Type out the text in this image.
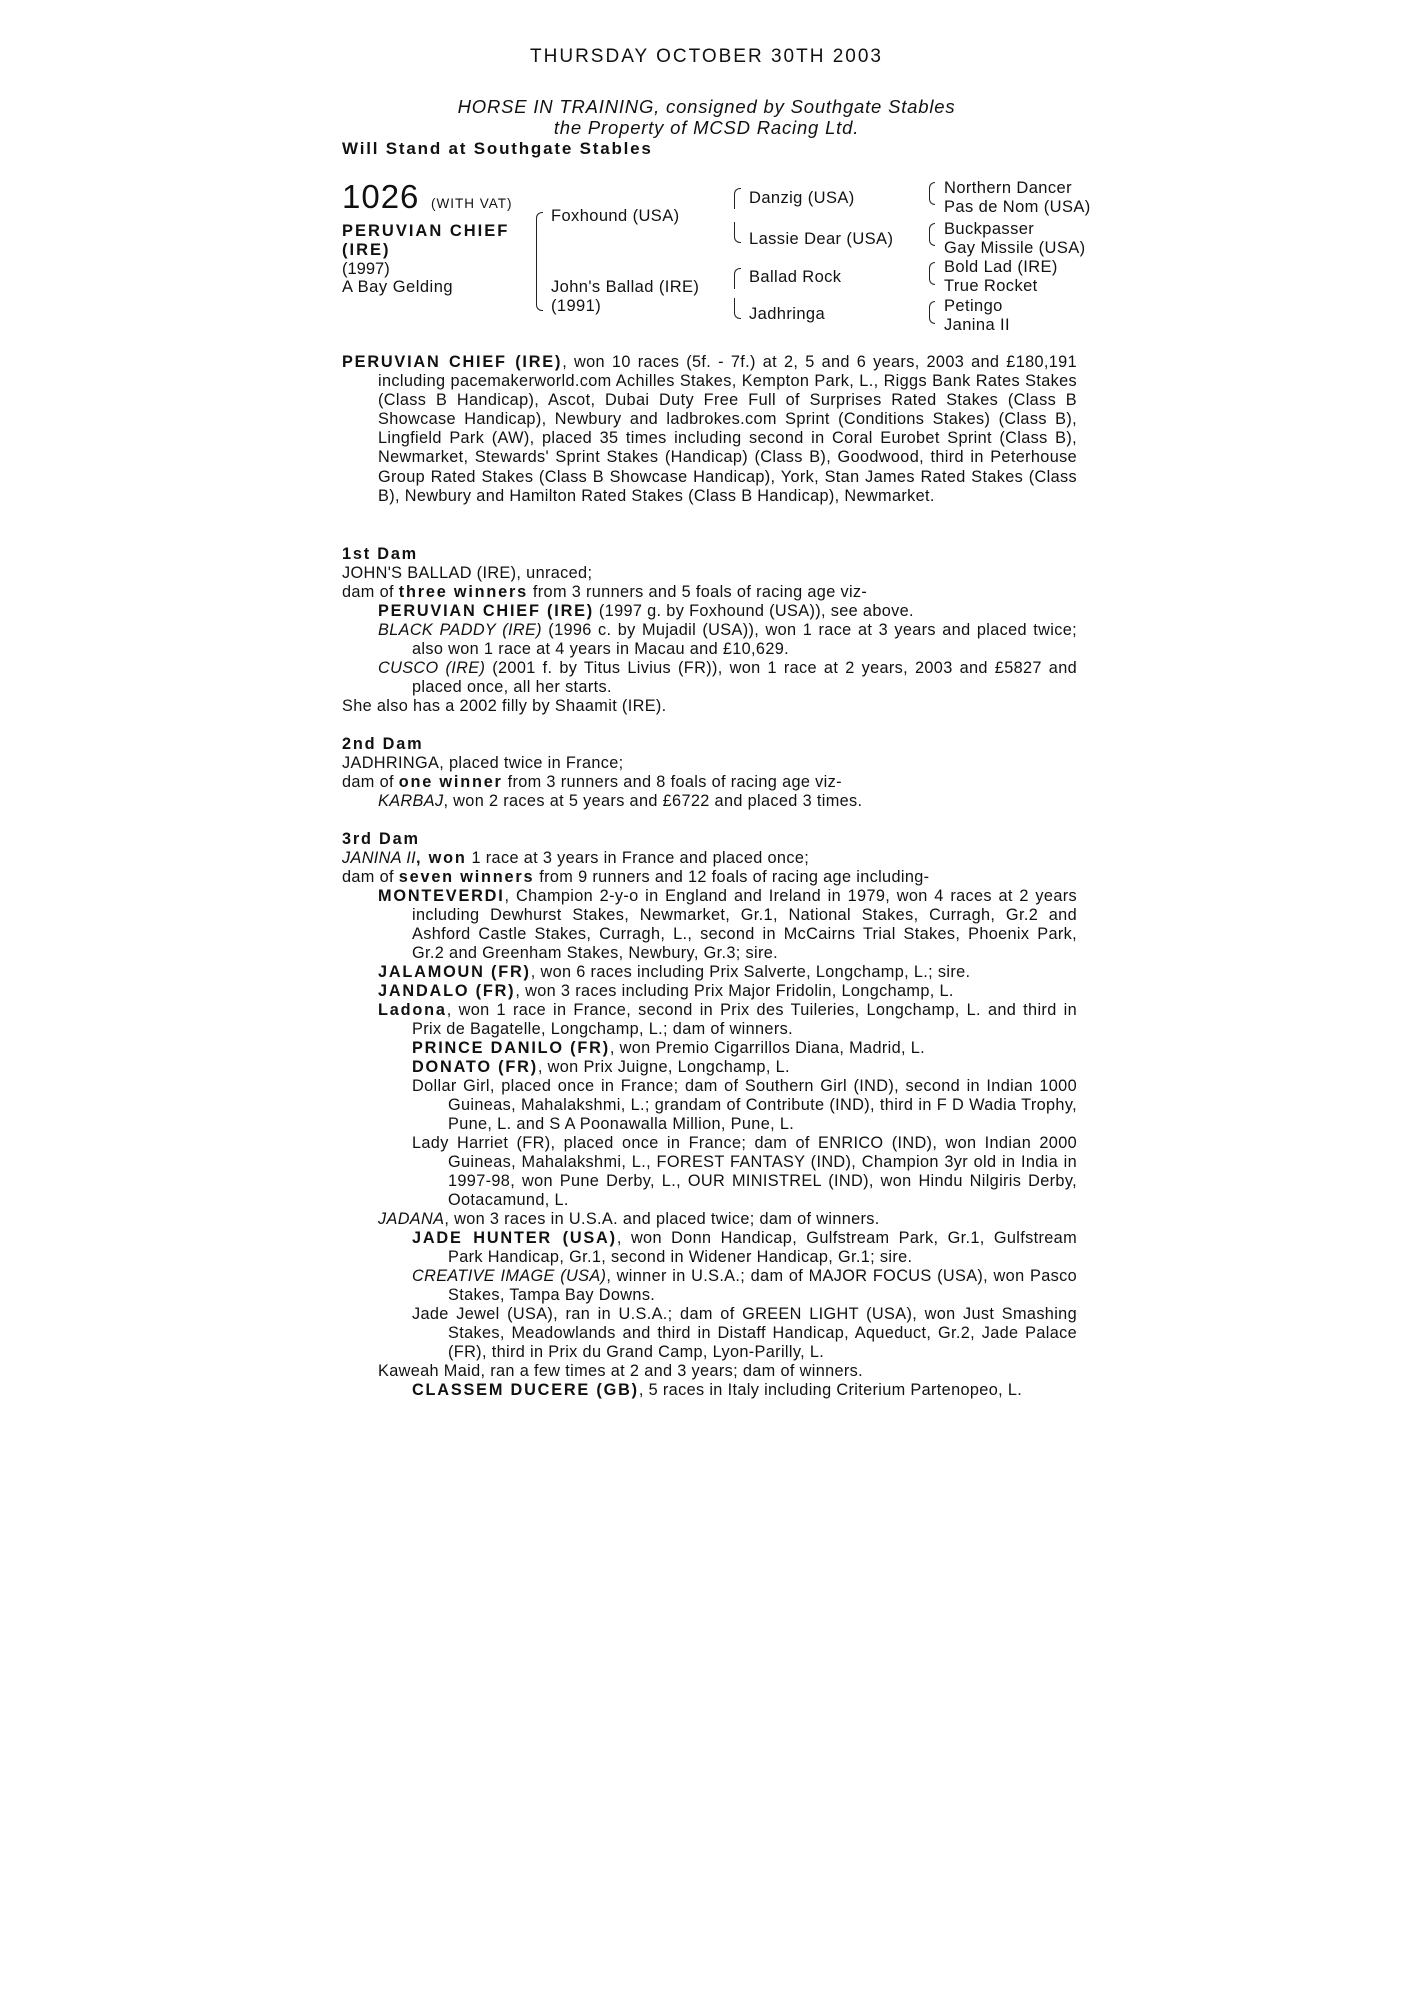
THURSDAY OCTOBER 30TH 2003
HORSE IN TRAINING, consigned by Southgate Stables
the Property of MCSD Racing Ltd.
Will Stand at Southgate Stables
1026 (WITH VAT)
PERUVIAN CHIEF (IRE)
(1997)
A Bay Gelding
Foxhound (USA)
John's Ballad (IRE)
(1991)
Danzig (USA)
Lassie Dear (USA)
Ballad Rock
Jadhringa
Northern Dancer
Pas de Nom (USA)
Buckpasser
Gay Missile (USA)
Bold Lad (IRE)
True Rocket
Petingo
Janina II
PERUVIAN CHIEF (IRE), won 10 races (5f. - 7f.) at 2, 5 and 6 years, 2003 and £180,191 including pacemakerworld.com Achilles Stakes, Kempton Park, L., Riggs Bank Rates Stakes (Class B Handicap), Ascot, Dubai Duty Free Full of Surprises Rated Stakes (Class B Showcase Handicap), Newbury and ladbrokes.com Sprint (Conditions Stakes) (Class B), Lingfield Park (AW), placed 35 times including second in Coral Eurobet Sprint (Class B), Newmarket, Stewards' Sprint Stakes (Handicap) (Class B), Goodwood, third in Peterhouse Group Rated Stakes (Class B Showcase Handicap), York, Stan James Rated Stakes (Class B), Newbury and Hamilton Rated Stakes (Class B Handicap), Newmarket.
1st Dam
JOHN'S BALLAD (IRE), unraced;
dam of three winners from 3 runners and 5 foals of racing age viz-
PERUVIAN CHIEF (IRE) (1997 g. by Foxhound (USA)), see above.
BLACK PADDY (IRE) (1996 c. by Mujadil (USA)), won 1 race at 3 years and placed twice; also won 1 race at 4 years in Macau and £10,629.
CUSCO (IRE) (2001 f. by Titus Livius (FR)), won 1 race at 2 years, 2003 and £5827 and placed once, all her starts.
She also has a 2002 filly by Shaamit (IRE).
2nd Dam
JADHRINGA, placed twice in France;
dam of one winner from 3 runners and 8 foals of racing age viz-
KARBAJ, won 2 races at 5 years and £6722 and placed 3 times.
3rd Dam
JANINA II, won 1 race at 3 years in France and placed once;
dam of seven winners from 9 runners and 12 foals of racing age including-
MONTEVERDI, Champion 2-y-o in England and Ireland in 1979, won 4 races at 2 years including Dewhurst Stakes, Newmarket, Gr.1, National Stakes, Curragh, Gr.2 and Ashford Castle Stakes, Curragh, L., second in McCairns Trial Stakes, Phoenix Park, Gr.2 and Greenham Stakes, Newbury, Gr.3; sire.
JALAMOUN (FR), won 6 races including Prix Salverte, Longchamp, L.; sire.
JANDALO (FR), won 3 races including Prix Major Fridolin, Longchamp, L.
Ladona, won 1 race in France, second in Prix des Tuileries, Longchamp, L. and third in Prix de Bagatelle, Longchamp, L.; dam of winners.
PRINCE DANILO (FR), won Premio Cigarrillos Diana, Madrid, L.
DONATO (FR), won Prix Juigne, Longchamp, L.
Dollar Girl, placed once in France; dam of Southern Girl (IND), second in Indian 1000 Guineas, Mahalakshmi, L.; grandam of Contribute (IND), third in F D Wadia Trophy, Pune, L. and S A Poonawalla Million, Pune, L.
Lady Harriet (FR), placed once in France; dam of ENRICO (IND), won Indian 2000 Guineas, Mahalakshmi, L., FOREST FANTASY (IND), Champion 3yr old in India in 1997-98, won Pune Derby, L., OUR MINISTREL (IND), won Hindu Nilgiris Derby, Ootacamund, L.
JADANA, won 3 races in U.S.A. and placed twice; dam of winners.
JADE HUNTER (USA), won Donn Handicap, Gulfstream Park, Gr.1, Gulfstream Park Handicap, Gr.1, second in Widener Handicap, Gr.1; sire.
CREATIVE IMAGE (USA), winner in U.S.A.; dam of MAJOR FOCUS (USA), won Pasco Stakes, Tampa Bay Downs.
Jade Jewel (USA), ran in U.S.A.; dam of GREEN LIGHT (USA), won Just Smashing Stakes, Meadowlands and third in Distaff Handicap, Aqueduct, Gr.2, Jade Palace (FR), third in Prix du Grand Camp, Lyon-Parilly, L.
Kaweah Maid, ran a few times at 2 and 3 years; dam of winners.
CLASSEM DUCERE (GB), 5 races in Italy including Criterium Partenopeo, L.
